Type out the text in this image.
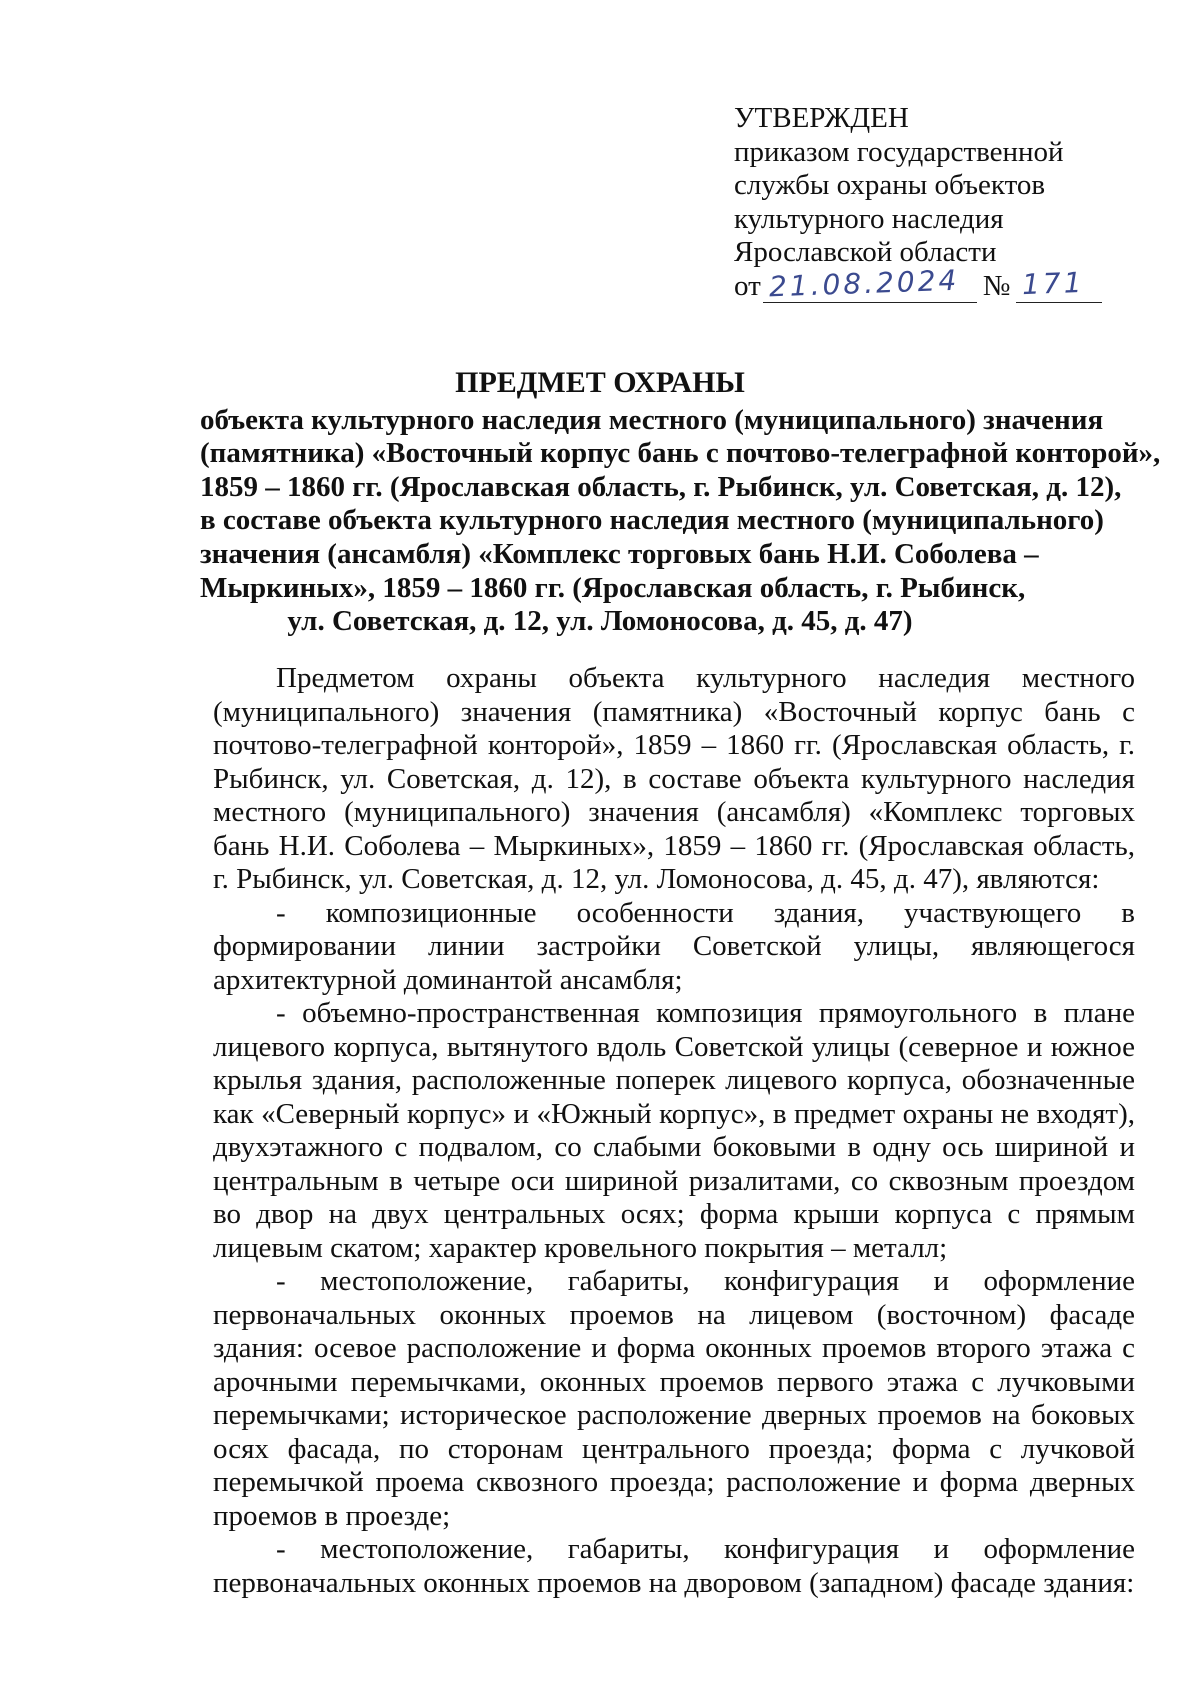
УТВЕРЖДЕН
приказом государственной
службы охраны объектов
культурного наследия
Ярославской области
от 21.08.2024 № 171
ПРЕДМЕТ ОХРАНЫ
объекта культурного наследия местного (муниципального) значения
(памятника) «Восточный корпус бань с почтово-телеграфной конторой»,
1859 – 1860 гг. (Ярославская область, г. Рыбинск, ул. Советская, д. 12),
в составе объекта культурного наследия местного (муниципального)
значения (ансамбля) «Комплекс торговых бань Н.И. Соболева –
Мыркиных», 1859 – 1860 гг. (Ярославская область, г. Рыбинск,
ул. Советская, д. 12, ул. Ломоносова, д. 45, д. 47)

Предметом охраны объекта культурного наследия местного (муниципального) значения (памятника) «Восточный корпус бань с почтово-телеграфной конторой», 1859 – 1860 гг. (Ярославская область, г. Рыбинск, ул. Советская, д. 12), в составе объекта культурного наследия местного (муниципального) значения (ансамбля) «Комплекс торговых бань Н.И. Соболева – Мыркиных», 1859 – 1860 гг. (Ярославская область, г. Рыбинск, ул. Советская, д. 12, ул. Ломоносова, д. 45, д. 47), являются:

- композиционные особенности здания, участвующего в формировании линии застройки Советской улицы, являющегося архитектурной доминантой ансамбля;

- объемно-пространственная композиция прямоугольного в плане лицевого корпуса, вытянутого вдоль Советской улицы (северное и южное крылья здания, расположенные поперек лицевого корпуса, обозначенные как «Северный корпус» и «Южный корпус», в предмет охраны не входят), двухэтажного с подвалом, со слабыми боковыми в одну ось шириной и центральным в четыре оси шириной ризалитами, со сквозным проездом во двор на двух центральных осях; форма крыши корпуса с прямым лицевым скатом; характер кровельного покрытия – металл;

- местоположение, габариты, конфигурация и оформление первоначальных оконных проемов на лицевом (восточном) фасаде здания: осевое расположение и форма оконных проемов второго этажа с арочными перемычками, оконных проемов первого этажа с лучковыми перемычками; историческое расположение дверных проемов на боковых осях фасада, по сторонам центрального проезда; форма с лучковой перемычкой проема сквозного проезда; расположение и форма дверных проемов в проезде;

- местоположение, габариты, конфигурация и оформление первоначальных оконных проемов на дворовом (западном) фасаде здания:
